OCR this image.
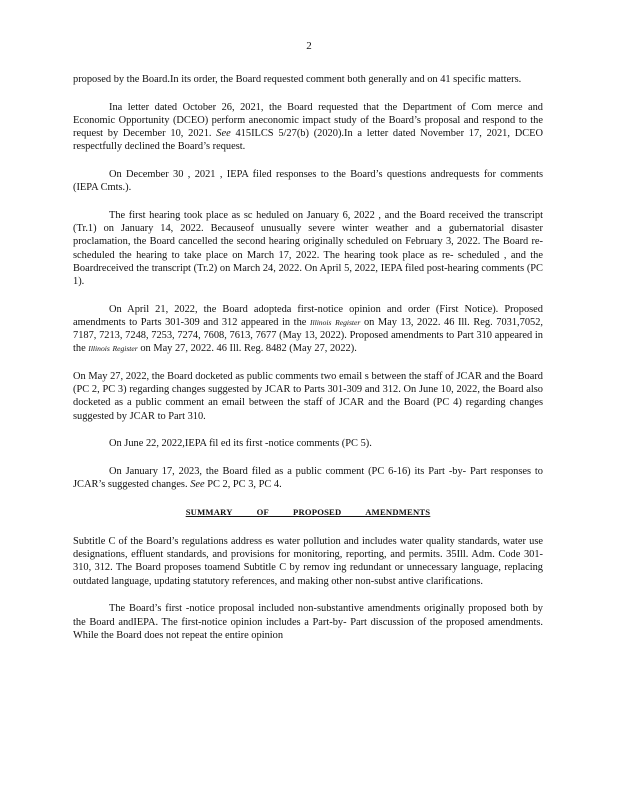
2

proposed by the Board.In its order, the Board requested comment both generally and on 41 specific matters.

Ina letter dated October 26, 2021, the Board requested that the Department of Com merce and Economic Opportunity (DCEO) perform aneconomic impact study of the Board’s proposal and respond to the request by December 10, 2021. See 415ILCS 5/27(b) (2020).In a letter dated November 17, 2021, DCEO respectfully declined the Board’s request.

On December 30 , 2021 , IEPA filed responses to the Board’s questions andrequests for comments (IEPA Cmts.).

The first hearing took place as sc heduled on January 6, 2022 , and the Board received the transcript (Tr.1) on January 14, 2022. Becauseof unusually severe winter weather and a gubernatorial disaster proclamation, the Board cancelled the second hearing originally scheduled on February 3, 2022. The Board re-scheduled the hearing to take place on March 17, 2022. The hearing took place as re- scheduled , and the Boardreceived the transcript (Tr.2) on March 24, 2022. On April 5, 2022, IEPA filed post-hearing comments (PC 1).

On April 21, 2022, the Board adopteda first-notice opinion and order (First Notice). Proposed amendments to Parts 301-309 and 312 appeared in the Illinois Register on May 13, 2022. 46 Ill. Reg. 7031,7052, 7187, 7213, 7248, 7253, 7274, 7608, 7613, 7677 (May 13, 2022). Proposed amendments to Part 310 appeared in the Illinois Register on May 27, 2022. 46 Ill. Reg. 8482 (May 27, 2022).

On May 27, 2022, the Board docketed as public comments two email s between the staff of JCAR and the Board (PC 2, PC 3) regarding changes suggested by JCAR to Parts 301-309 and 312. On June 10, 2022, the Board also docketed as a public comment an email between the staff of JCAR and the Board (PC 4) regarding changes suggested by JCAR to Part 310.

On June 22, 2022,IEPA fil ed its first -notice comments (PC 5).

On January 17, 2023, the Board filed as a public comment (PC 6-16) its Part -by- Part responses to JCAR’s suggested changes. See PC 2, PC 3, PC 4.

SUMMARY OF PROPOSED AMENDMENTS

Subtitle C of the Board’s regulations address es water pollution and includes water quality standards, water use designations, effluent standards, and provisions for monitoring, reporting, and permits. 35Ill. Adm. Code 301-310, 312. The Board proposes toamend Subtitle C by remov ing redundant or unnecessary language, replacing outdated language, updating statutory references, and making other non-subst antive clarifications.

The Board’s first -notice proposal included non-substantive amendments originally proposed both by the Board andIEPA. The first-notice opinion includes a Part-by- Part discussion of the proposed amendments. While the Board does not repeat the entire opinion
